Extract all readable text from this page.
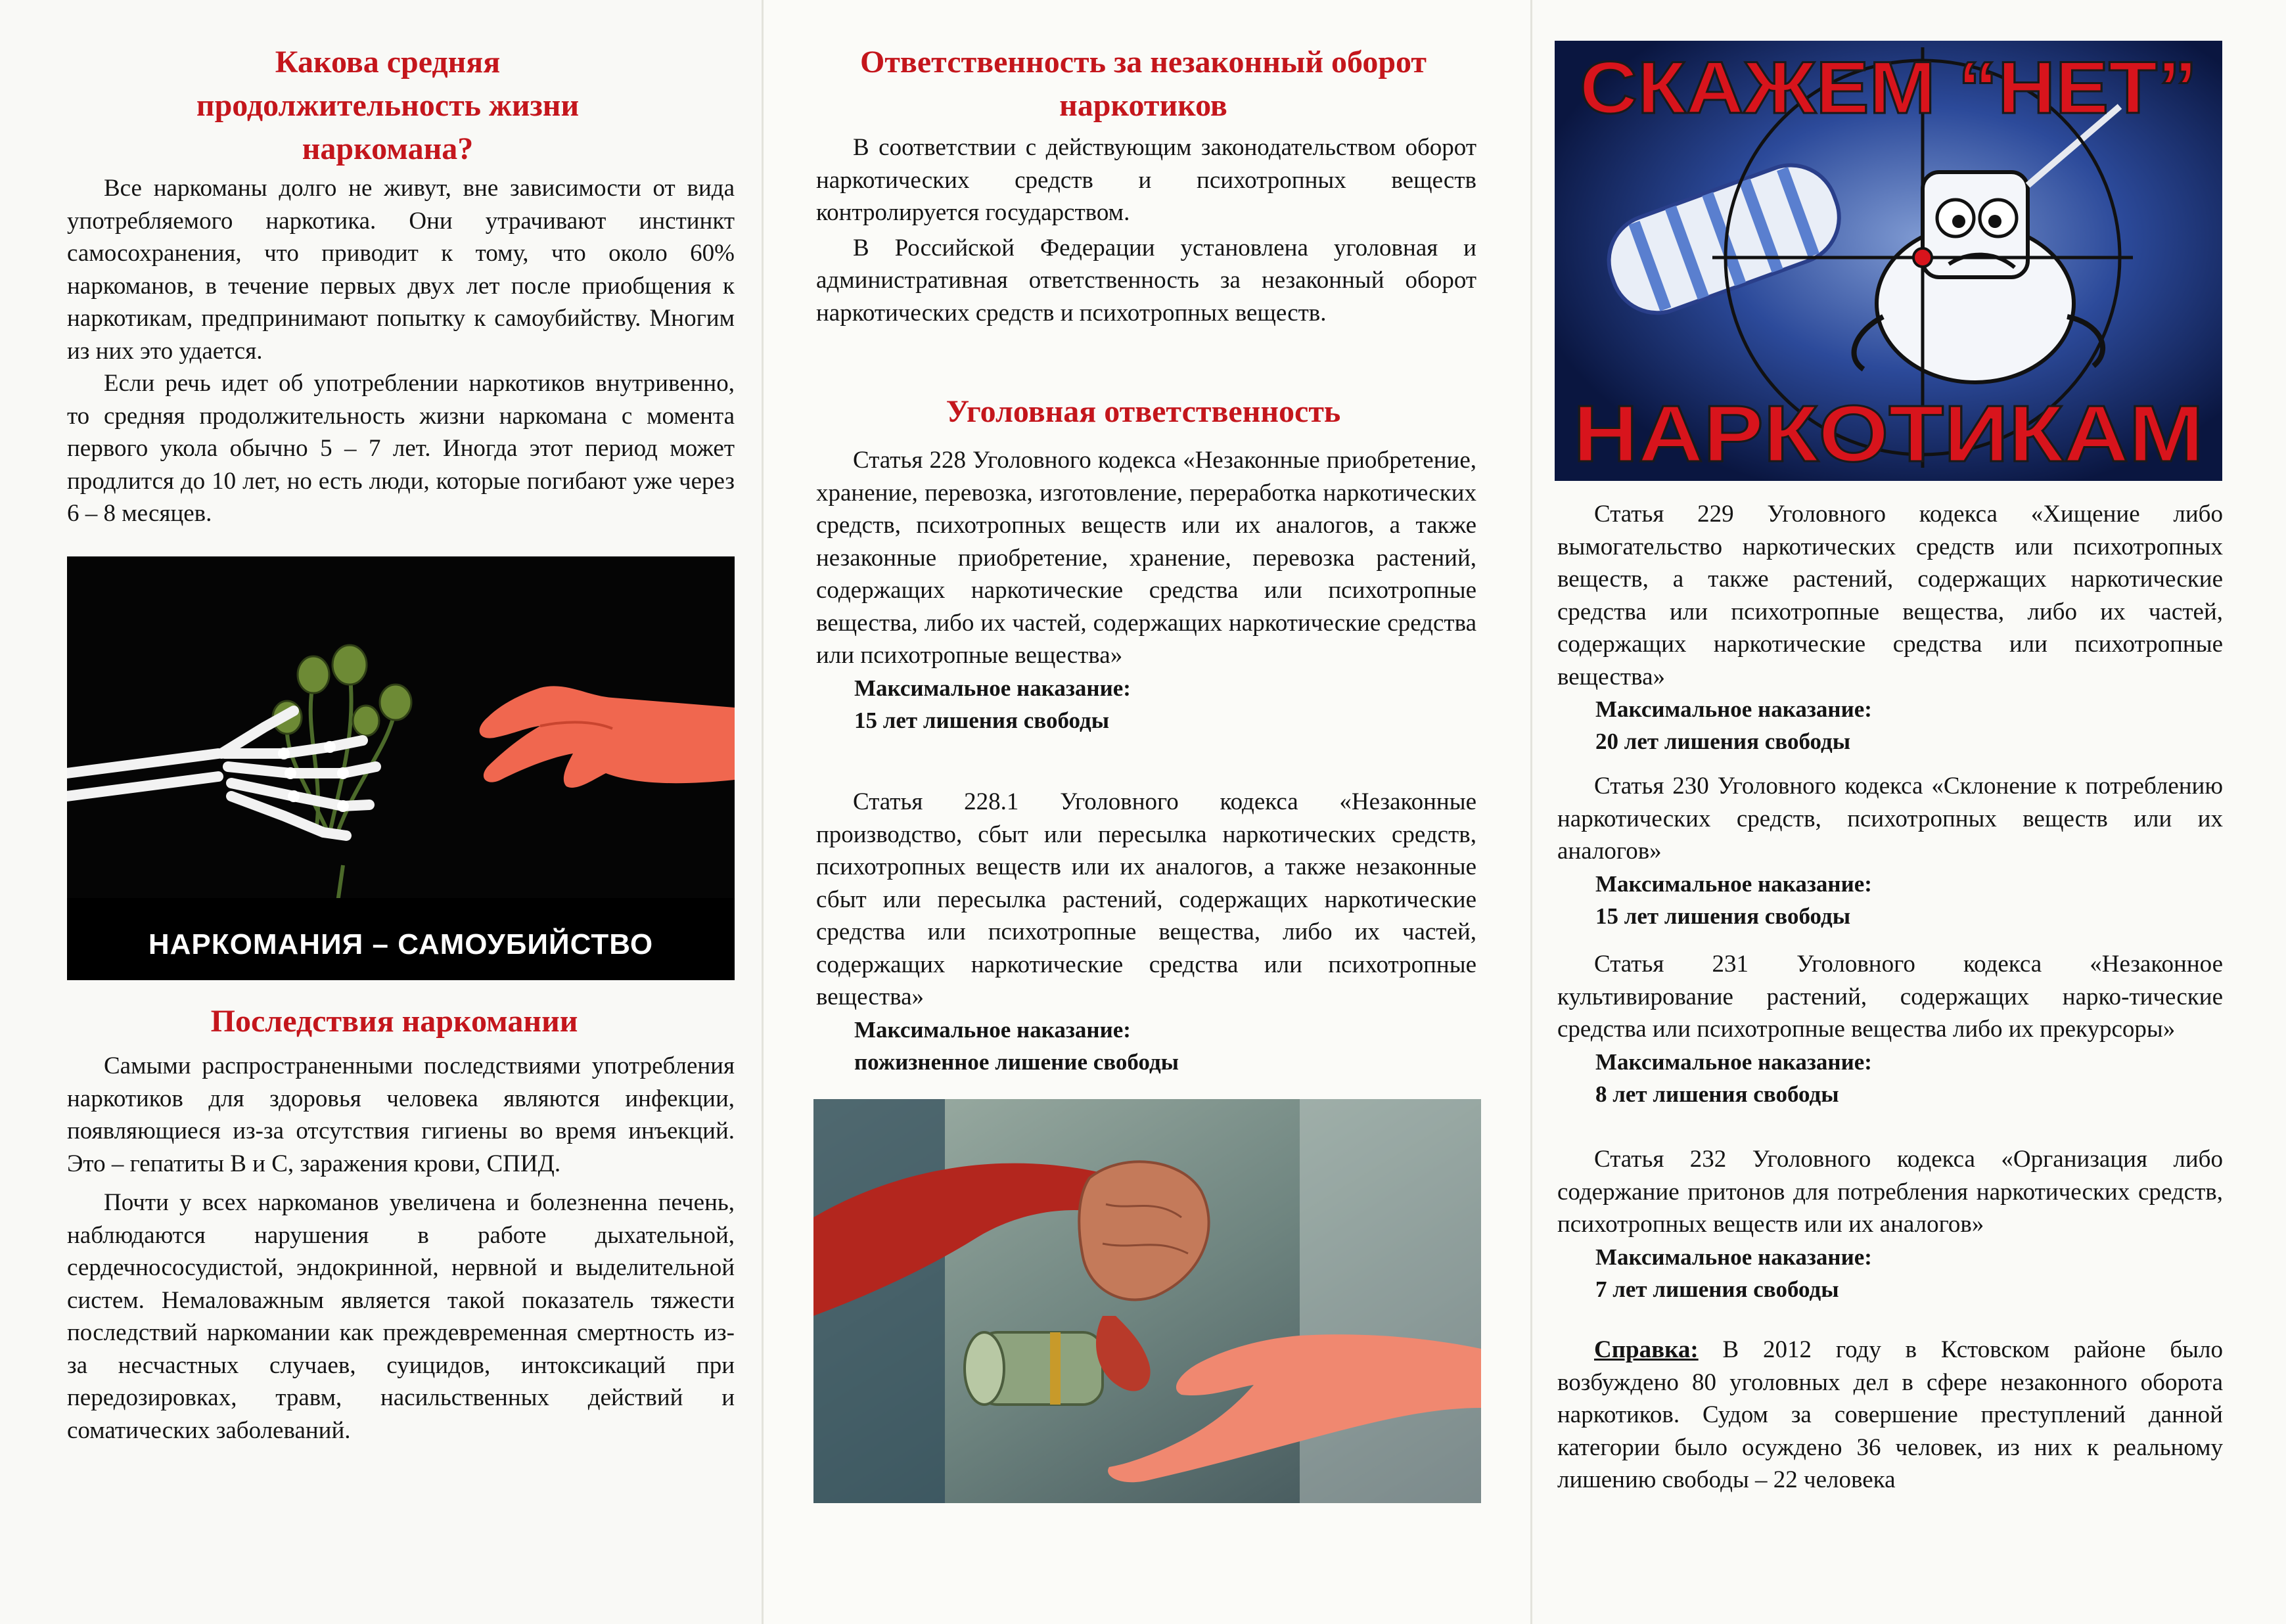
Какова средняя продолжительность жизни наркомана?

Все наркоманы долго не живут, вне зависимости от вида употребляемого наркотика. Они утрачивают инстинкт самосохранения, что приводит к тому, что около 60% наркоманов, в течение первых двух лет после приобщения к наркотикам, предпринимают попытку к самоубийству. Многим из них это удается.

Если речь идет об употреблении наркотиков внутривенно, то средняя продолжительность жизни наркомана с момента первого укола обычно 5 – 7 лет. Иногда этот период может продлится до 10 лет, но есть люди, которые погибают уже через 6 – 8 месяцев.

НАРКОМАНИЯ – САМОУБИЙСТВО
Последствия наркомании

Самыми распространенными последствиями употребления наркотиков для здоровья человека являются инфекции, появляющиеся из-за отсутствия гигиены во время инъекций. Это – гепатиты В и С, заражения крови, СПИД.

Почти у всех наркоманов увеличена и болезненна печень, наблюдаются нарушения в работе дыхательной, сердечнососудистой, эндокринной, нервной и выделительной систем. Немаловажным является такой показатель тяжести последствий наркомании как преждевременная смертность из-за несчастных случаев, суицидов, интоксикаций при передозировках, травм, насильственных действий и соматических заболеваний.

Ответственность за незаконный оборот наркотиков

В соответствии с действующим законодательством оборот наркотических средств и психотропных веществ контролируется государством.

В Российской Федерации установлена уголовная и административная ответственность за незаконный оборот наркотических средств и психотропных веществ.

Уголовная ответственность

Статья 228 Уголовного кодекса «Незаконные приобретение, хранение, перевозка, изготовление, переработка наркотических средств, психотропных веществ или их аналогов, а также незаконные приобретение, хранение, перевозка растений, содержащих наркотические средства или психотропные вещества, либо их частей, содержащих наркотические средства или психотропные вещества»

Максимальное наказание:

15 лет лишения свободы

Статья 228.1 Уголовного кодекса «Незаконные производство, сбыт или пересылка наркотических средств, психотропных веществ или их аналогов, а также незаконные сбыт или пересылка растений, содержащих наркотические средства или психотропные вещества, либо их частей, содержащих наркотические средства или психотропные вещества»

Максимальное наказание:

пожизненное лишение свободы

СКАЖЕМ “НЕТ”
НАРКОТИКАМ

Статья 229 Уголовного кодекса «Хищение либо вымогательство наркотических средств или психотропных веществ, а также растений, содержащих наркотические средства или психотропные вещества, либо их частей, содержащих наркотические средства или психотропные вещества»

Максимальное наказание:

20 лет лишения свободы

Статья 230 Уголовного кодекса «Склонение к потреблению наркотических средств, психотропных веществ или их аналогов»

Максимальное наказание:

15 лет лишения свободы

Статья 231 Уголовного кодекса «Незаконное культивирование растений, содержащих нарко-тические средства или психотропные вещества либо их прекурсоры»

Максимальное наказание:

8 лет лишения свободы

Статья 232 Уголовного кодекса «Организация либо содержание притонов для потребления наркотических средств, психотропных веществ или их аналогов»

Максимальное наказание:

7 лет лишения свободы

Справка: В 2012 году в Кстовском районе было возбуждено 80 уголовных дел в сфере незаконного оборота наркотиков. Судом за совершение преступлений данной категории было осуждено 36 человек, из них к реальному лишению свободы – 22 человека
